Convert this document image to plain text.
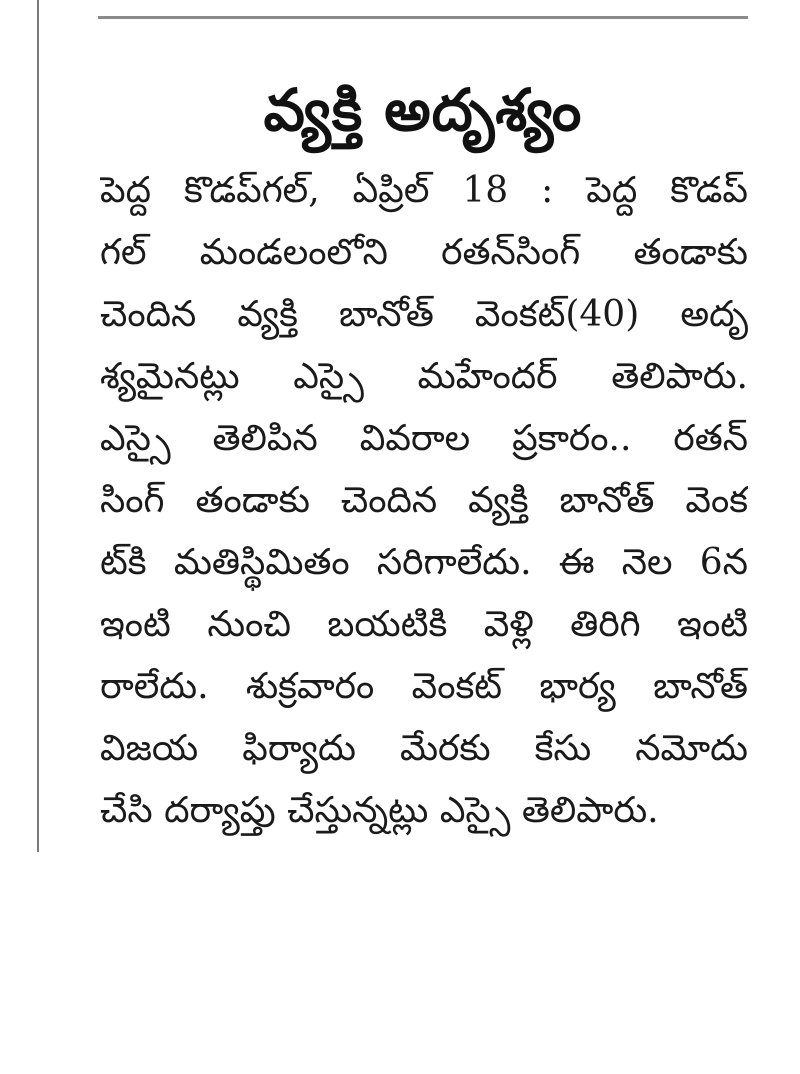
వ్యక్తి అదృశ్యం
పెద్ద కొడప్‌గల్, ఏప్రిల్ 18 : పెద్ద కొడప్
గల్ మండలంలోని రతన్‌సింగ్ తండాకు
చెందిన వ్యక్తి బానోత్ వెంకట్(40) అదృ
శ్యమైనట్లు ఎస్సై మహేందర్ తెలిపారు.
ఎస్సై తెలిపిన వివరాల ప్రకారం.. రతన్
సింగ్ తండాకు చెందిన వ్యక్తి బానోత్ వెంక
ట్‌కి మతిస్థిమితం సరిగాలేదు. ఈ నెల 6న
ఇంటి నుంచి బయటికి వెళ్లి తిరిగి ఇంటి
రాలేదు. శుక్రవారం వెంకట్ భార్య బానోత్
విజయ ఫిర్యాదు మేరకు కేసు నమోదు
చేసి దర్యాప్తు చేస్తున్నట్లు ఎస్సై తెలిపారు.
